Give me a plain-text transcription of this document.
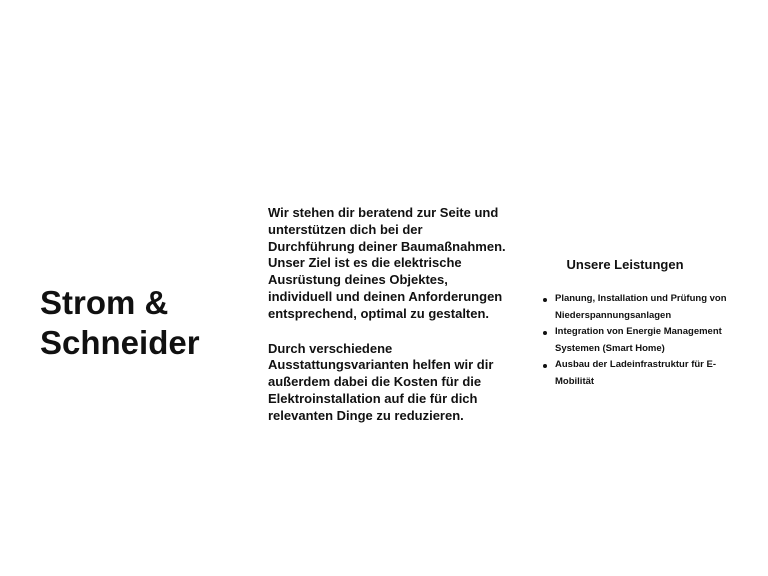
Strom &
Schneider

Wir stehen dir beratend zur Seite und unterstützen dich bei der Durchführung deiner Baumaßnahmen. Unser Ziel ist es die elektrische Ausrüstung deines Objektes, individuell und deinen Anforderungen entsprechend, optimal zu gestalten.

Durch verschiedene Ausstattungsvarianten helfen wir dir außerdem dabei die Kosten für die Elektroinstallation auf die für dich relevanten Dinge zu reduzieren.

Unsere Leistungen
Planung, Installation und Prüfung von Niederspannungsanlagen
Integration von Energie Management Systemen (Smart Home)
Ausbau der Ladeinfrastruktur für E-Mobilität
